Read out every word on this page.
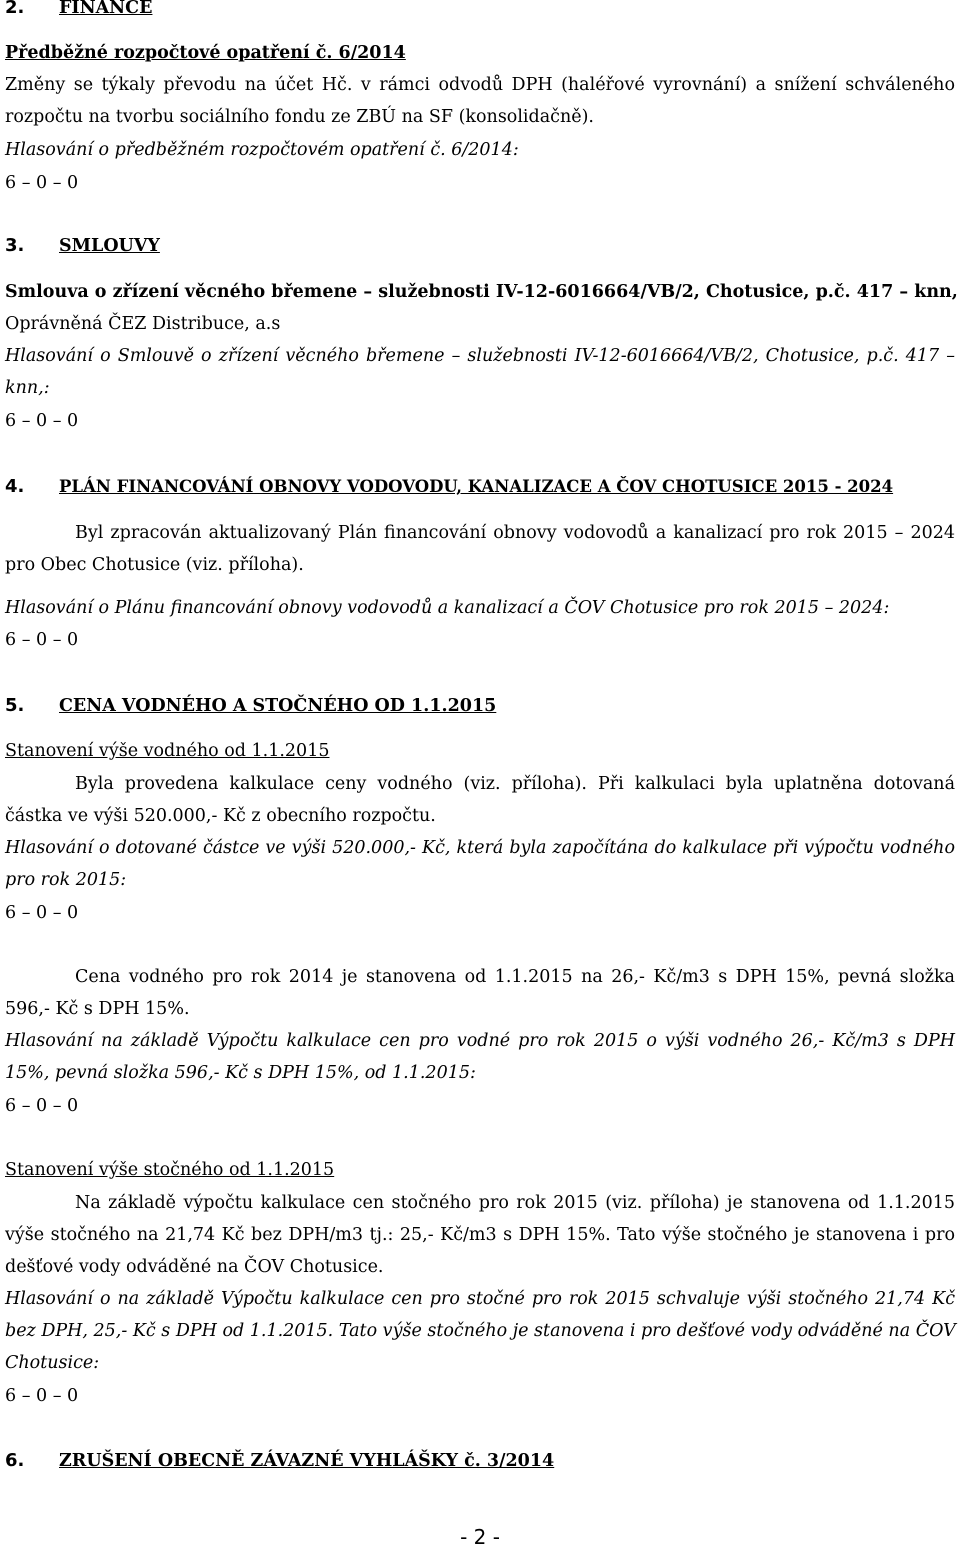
2. FINANCE
Předběžné rozpočtové opatření č. 6/2014
Změny se týkaly převodu na účet Hč. v rámci odvodů DPH (haléřové vyrovnání) a snížení schváleného
rozpočtu na tvorbu sociálního fondu ze ZBÚ na SF (konsolidačně).
Hlasování o předběžném rozpočtovém opatření č. 6/2014:
6 – 0 – 0
3. SMLOUVY
Smlouva o zřízení věcného břemene – služebnosti IV-12-6016664/VB/2, Chotusice, p.č. 417 – knn,
Oprávněná ČEZ Distribuce, a.s
Hlasování o Smlouvě o zřízení věcného břemene – služebnosti IV-12-6016664/VB/2, Chotusice, p.č. 417 –
knn,:
6 – 0 – 0
4. PLÁN FINANCOVÁNÍ OBNOVY VODOVODU, KANALIZACE A ČOV CHOTUSICE 2015 - 2024
Byl zpracován aktualizovaný Plán financování obnovy vodovodů a kanalizací pro rok 2015 – 2024
pro Obec Chotusice (viz. příloha).
Hlasování o Plánu financování obnovy vodovodů a kanalizací a ČOV Chotusice pro rok 2015 – 2024:
6 – 0 – 0
5. CENA VODNÉHO A STOČNÉHO OD 1.1.2015
Stanovení výše vodného od 1.1.2015
Byla provedena kalkulace ceny vodného (viz. příloha). Při kalkulaci byla uplatněna dotovaná
částka ve výši 520.000,- Kč z obecního rozpočtu.
Hlasování o dotované částce ve výši 520.000,- Kč, která byla započítána do kalkulace při výpočtu vodného
pro rok 2015:
6 – 0 – 0
Cena vodného pro rok 2014 je stanovena od 1.1.2015 na 26,- Kč/m3 s DPH 15%, pevná složka
596,- Kč s DPH 15%.
Hlasování na základě Výpočtu kalkulace cen pro vodné pro rok 2015 o výši vodného 26,- Kč/m3 s DPH
15%, pevná složka 596,- Kč s DPH 15%, od 1.1.2015:
6 – 0 – 0
Stanovení výše stočného od 1.1.2015
Na základě výpočtu kalkulace cen stočného pro rok 2015 (viz. příloha) je stanovena od 1.1.2015
výše stočného na 21,74 Kč bez DPH/m3 tj.: 25,- Kč/m3 s DPH 15%. Tato výše stočného je stanovena i pro
dešťové vody odváděné na ČOV Chotusice.
Hlasování o na základě Výpočtu kalkulace cen pro stočné pro rok 2015 schvaluje výši stočného 21,74 Kč
bez DPH, 25,- Kč s DPH od 1.1.2015. Tato výše stočného je stanovena i pro dešťové vody odváděné na ČOV
Chotusice:
6 – 0 – 0
6. ZRUŠENÍ OBECNĚ ZÁVAZNÉ VYHLÁŠKY č. 3/2014
- 2 -
